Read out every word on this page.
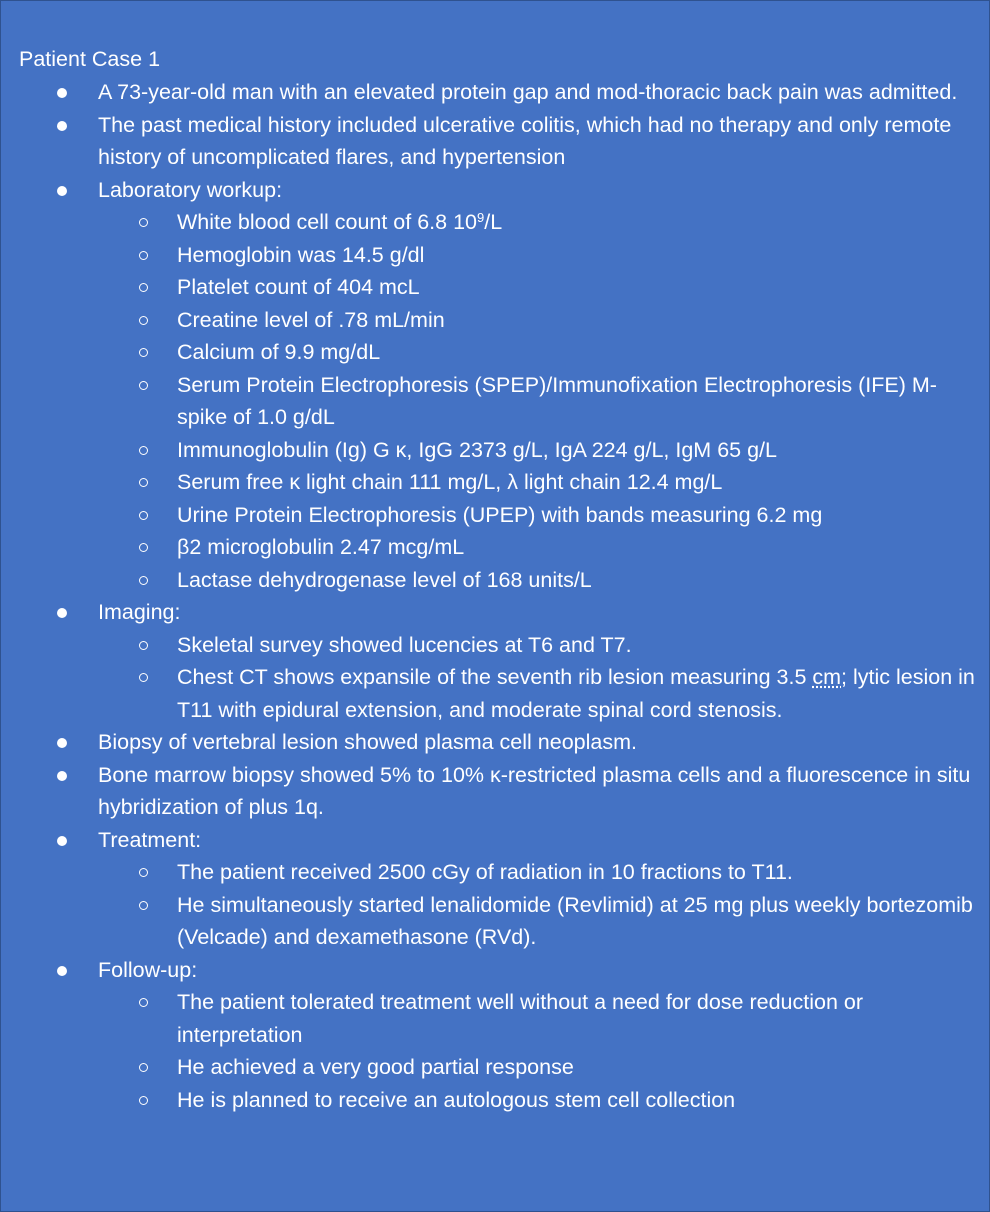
Patient Case 1
A 73-year-old man with an elevated protein gap and mod-thoracic back pain was admitted.
The past medical history included ulcerative colitis, which had no therapy and only remote history of uncomplicated flares, and hypertension
Laboratory workup:
White blood cell count of 6.8 $10^9/L$
Hemoglobin was 14.5 g/dl
Platelet count of 404 mcL
Creatine level of .78 mL/min
Calcium of 9.9 mg/dL
Serum Protein Electrophoresis (SPEP)/Immunofixation Electrophoresis (IFE) M-spike of 1.0 g/dL
Immunoglobulin (Ig) G κ, IgG 2373 g/L, IgA 224 g/L, IgM 65 g/L
Serum free κ light chain 111 mg/L, λ light chain 12.4 mg/L
Urine Protein Electrophoresis (UPEP) with bands measuring 6.2 mg
β2 microglobulin 2.47 mcg/mL
Lactase dehydrogenase level of 168 units/L
Imaging:
Skeletal survey showed lucencies at T6 and T7.
Chest CT shows expansile of the seventh rib lesion measuring 3.5 cm; lytic lesion in T11 with epidural extension, and moderate spinal cord stenosis.
Biopsy of vertebral lesion showed plasma cell neoplasm.
Bone marrow biopsy showed 5% to 10% κ-restricted plasma cells and a fluorescence in situ hybridization of plus 1q.
Treatment:
The patient received 2500 cGy of radiation in 10 fractions to T11.
He simultaneously started lenalidomide (Revlimid) at 25 mg plus weekly bortezomib (Velcade) and dexamethasone (RVd).
Follow-up:
The patient tolerated treatment well without a need for dose reduction or interpretation
He achieved a very good partial response
He is planned to receive an autologous stem cell collection
